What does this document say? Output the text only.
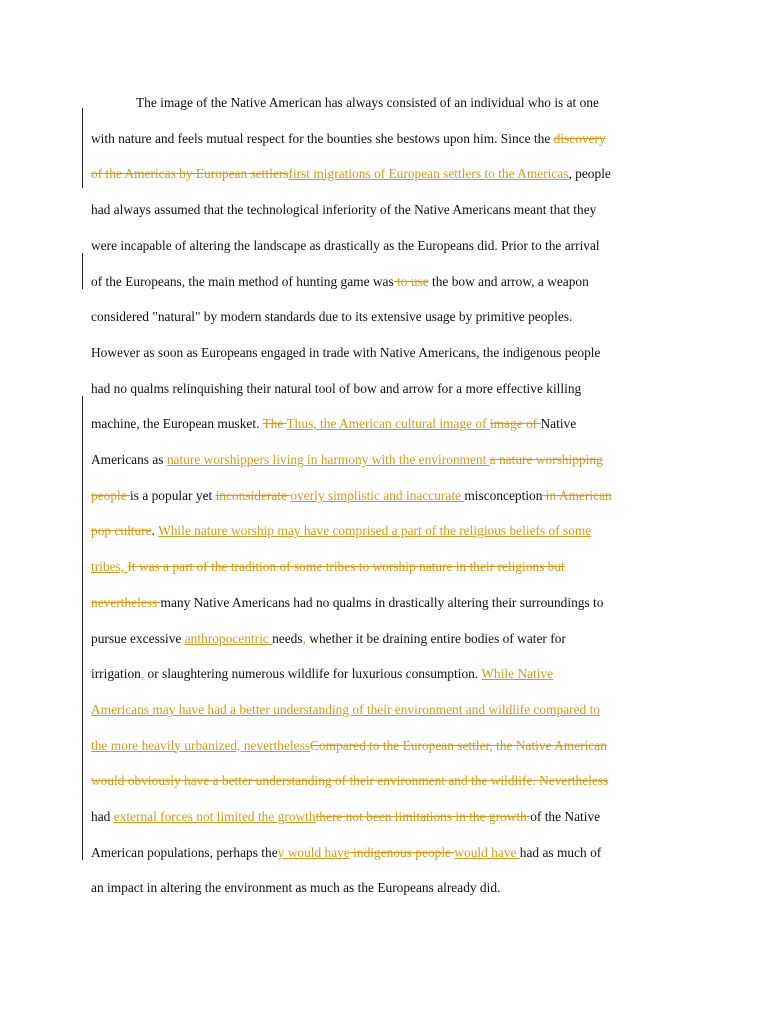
The image of the Native American has always consisted of an individual who is at one
with nature and feels mutual respect for the bounties she bestows upon him. Since the discovery
of the Americas by European settlersfirst migrations of European settlers to the Americas, people
had always assumed that the technological inferiority of the Native Americans meant that they
were incapable of altering the landscape as drastically as the Europeans did. Prior to the arrival
of the Europeans, the main method of hunting game was to use the bow and arrow, a weapon
considered "natural" by modern standards due to its extensive usage by primitive peoples.
However as soon as Europeans engaged in trade with Native Americans, the indigenous people
had no qualms relinquishing their natural tool of bow and arrow for a more effective killing
machine, the European musket. The Thus, the American cultural image of image of Native
Americans as nature worshippers living in harmony with the environment a nature worshipping
people is a popular yet inconsiderate overly simplistic and inaccurate misconception in American
pop culture. While nature worship may have comprised a part of the religious beliefs of some
tribes, It was a part of the tradition of some tribes to worship nature in their religions but
nevertheless many Native Americans had no qualms in drastically altering their surroundings to
pursue excessive anthropocentric needs, whether it be draining entire bodies of water for
irrigation, or slaughtering numerous wildlife for luxurious consumption. While Native
Americans may have had a better understanding of their environment and wildlife compared to
the more heavily urbanized, neverthelessCompared to the European settler, the Native American
would obviously have a better understanding of their environment and the wildlife. Nevertheless
had external forces not limited the growththere not been limitations in the growth of the Native
American populations, perhaps they would have indigenous people would have had as much of
an impact in altering the environment as much as the Europeans already did.
